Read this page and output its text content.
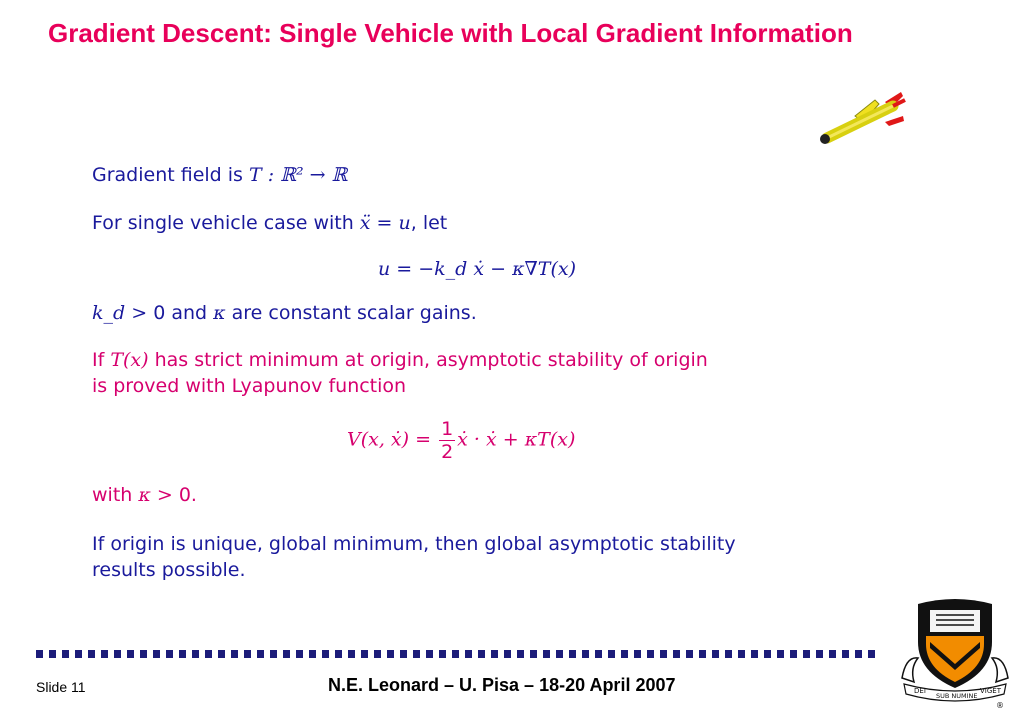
Gradient Descent: Single Vehicle with Local Gradient Information
Gradient field is T : ℝ² → ℝ
For single vehicle case with ẍ = u, let
u = −k_d ẋ − κ∇T(x)
k_d > 0 and κ are constant scalar gains.
If T(x) has strict minimum at origin, asymptotic stability of origin
is proved with Lyapunov function
V(x, ẋ) = $\frac{1}{2}$ ẋ · ẋ + κT(x)
with κ > 0.
If origin is unique, global minimum, then global asymptotic stability
results possible.
Slide 11	N.E. Leonard – U. Pisa – 18-20 April 2007	DEI
SUB NUMINE
VIGET
®
